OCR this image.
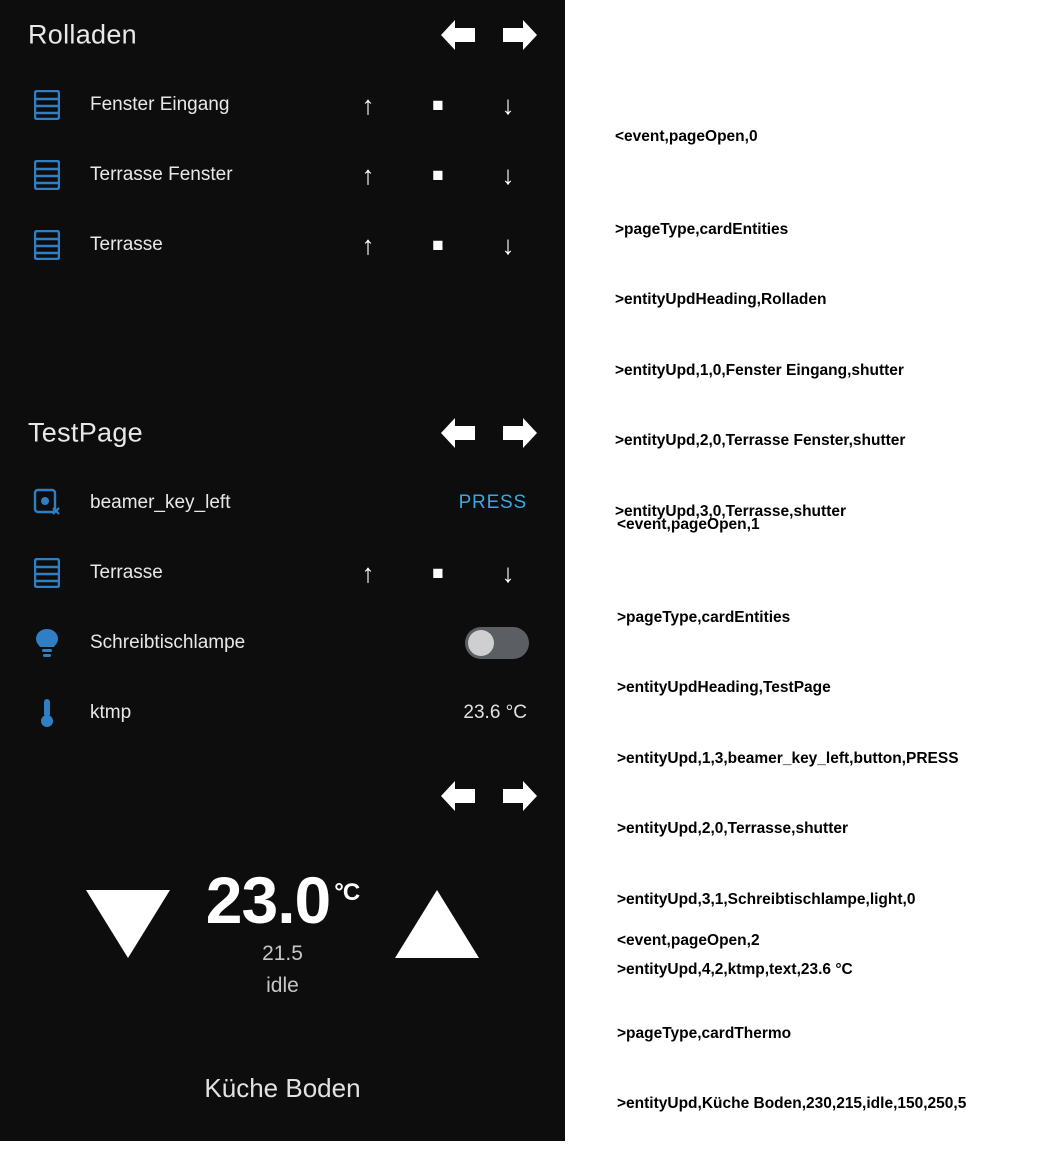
Rolladen
Fenster Eingang	↑	■	↓
Terrasse Fenster	↑	■	↓
Terrasse	↑	■	↓
TestPage
beamer_key_left	PRESS
Terrasse	↑	■	↓
Schreibtischlampe
ktmp	23.6 °C
23.0 $^{^\circ C}$
21.5
idle
Küche Boden

<event,pageOpen,0

>pageType,cardEntities

>entityUpdHeading,Rolladen

>entityUpd,1,0,Fenster Eingang,shutter

>entityUpd,2,0,Terrasse Fenster,shutter

>entityUpd,3,0,Terrasse,shutter

<event,pageOpen,1

>pageType,cardEntities

>entityUpdHeading,TestPage

>entityUpd,1,3,beamer_key_left,button,PRESS

>entityUpd,2,0,Terrasse,shutter

>entityUpd,3,1,Schreibtischlampe,light,0

>entityUpd,4,2,ktmp,text,23.6 °C

<event,pageOpen,2

>pageType,cardThermo

>entityUpd,Küche Boden,230,215,idle,150,250,5
